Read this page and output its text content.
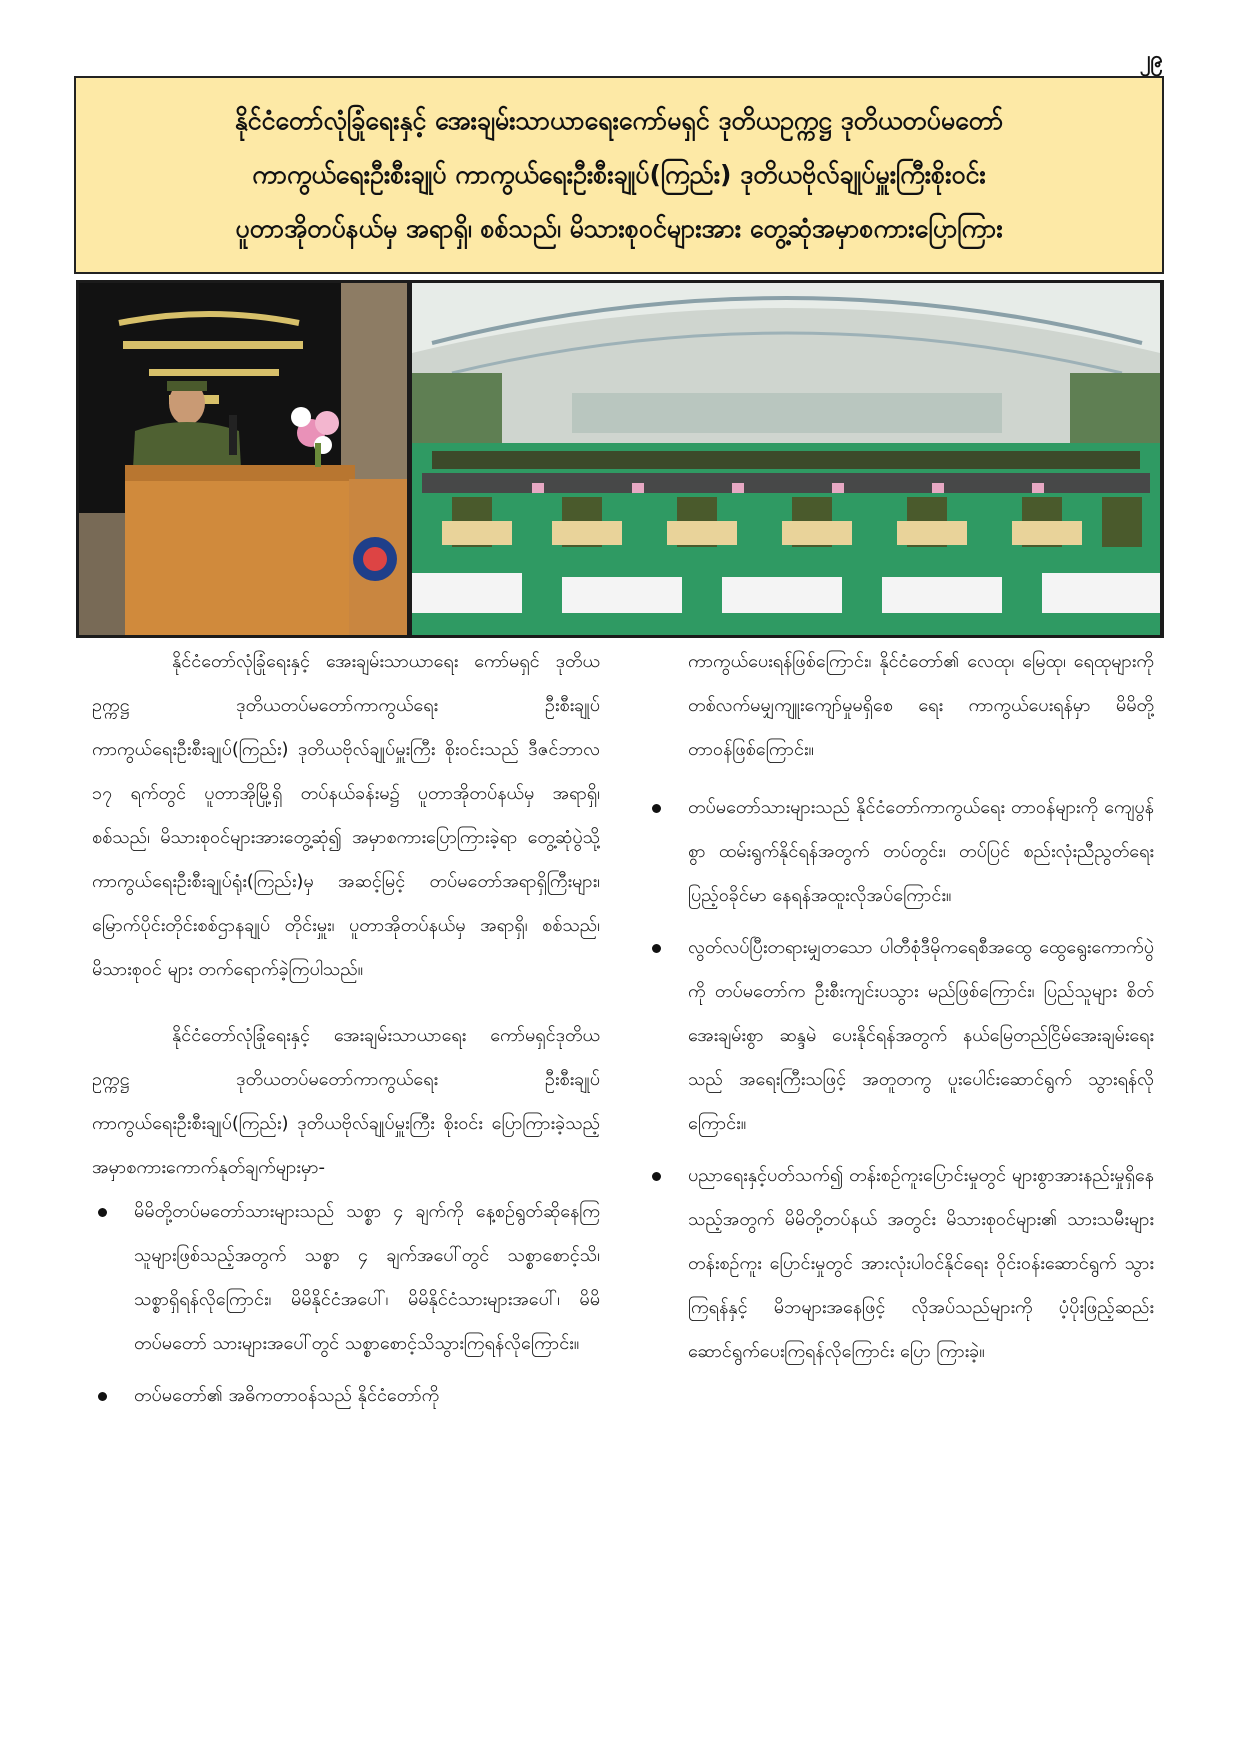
၂၉
နိုင်ငံတော်လုံခြုံရေးနှင့် အေးချမ်းသာယာရေးကော်မရှင် ဒုတိယဥက္ကဋ္ဌ ဒုတိယတပ်မတော်
ကာကွယ်ရေးဦးစီးချုပ် ကာကွယ်ရေးဦးစီးချုပ်(ကြည်း) ဒုတိယဗိုလ်ချုပ်မှူးကြီးစိုးဝင်း
ပူတာအိုတပ်နယ်မှ အရာရှိ၊ စစ်သည်၊ မိသားစုဝင်များအား တွေ့ဆုံအမှာစကားပြောကြား

နိုင်ငံတော်လုံခြုံရေးနှင့် အေးချမ်းသာယာရေး ကော်မရှင် ဒုတိယဥက္ကဋ္ဌ ဒုတိယတပ်မတော်ကာကွယ်ရေး ဦးစီးချုပ် ကာကွယ်ရေးဦးစီးချုပ်(ကြည်း) ဒုတိယဗိုလ်ချုပ်မှူးကြီး စိုးဝင်းသည် ဒီဇင်ဘာလ ၁၇ ရက်တွင် ပူတာအိုမြို့ရှိ တပ်နယ်ခန်းမ၌ ပူတာအိုတပ်နယ်မှ အရာရှိ၊ စစ်သည်၊ မိသားစုဝင်များအားတွေ့ဆုံ၍ အမှာစကားပြောကြားခဲ့ရာ တွေ့ဆုံပွဲသို့ ကာကွယ်ရေးဦးစီးချုပ်ရုံး(ကြည်း)မှ အဆင့်မြင့် တပ်မတော်အရာရှိကြီးများ၊ မြောက်ပိုင်းတိုင်းစစ်ဌာနချုပ် တိုင်းမှူး၊ ပူတာအိုတပ်နယ်မှ အရာရှိ၊ စစ်သည်၊ မိသားစုဝင် များ တက်ရောက်ခဲ့ကြပါသည်။

နိုင်ငံတော်လုံခြုံရေးနှင့် အေးချမ်းသာယာရေး ကော်မရှင်ဒုတိယဥက္ကဋ္ဌ ဒုတိယတပ်မတော်ကာကွယ်ရေး ဦးစီးချုပ် ကာကွယ်ရေးဦးစီးချုပ်(ကြည်း) ဒုတိယဗိုလ်ချုပ်မှူးကြီး စိုးဝင်း ပြောကြားခဲ့သည့် အမှာစကားကောက်နုတ်ချက်များမှာ-

မိမိတို့တပ်မတော်သားများသည် သစ္စာ ၄ ချက်ကို နေ့စဉ်ရွတ်ဆိုနေကြသူများဖြစ်သည့်အတွက် သစ္စာ ၄ ချက်အပေါ်တွင် သစ္စာစောင့်သိ၊ သစ္စာရှိရန်လိုကြောင်း၊ မိမိနိုင်ငံအပေါ်၊ မိမိနိုင်ငံသားများအပေါ်၊ မိမိတပ်မတော် သားများအပေါ်တွင် သစ္စာစောင့်သိသွားကြရန်လိုကြောင်း။
တပ်မတော်၏ အဓိကတာဝန်သည် နိုင်ငံတော်ကို

ကာကွယ်ပေးရန်ဖြစ်ကြောင်း၊ နိုင်ငံတော်၏ လေထု၊ မြေထု၊ ရေထုများကို တစ်လက်မမျှကျူးကျော်မှုမရှိစေ ရေး ကာကွယ်ပေးရန်မှာ မိမိတို့တာဝန်ဖြစ်ကြောင်း။

တပ်မတော်သားများသည် နိုင်ငံတော်ကာကွယ်ရေး တာဝန်များကို ကျေပွန်စွာ ထမ်းရွက်နိုင်ရန်အတွက် တပ်တွင်း၊ တပ်ပြင် စည်းလုံးညီညွတ်ရေး ပြည့်ဝခိုင်မာ နေရန်အထူးလိုအပ်ကြောင်း။
လွတ်လပ်ပြီးတရားမျှတသော ပါတီစုံဒီမိုကရေစီအထွေ ထွေရွေးကောက်ပွဲကို တပ်မတော်က ဦးစီးကျင်းပသွား မည်ဖြစ်ကြောင်း၊ ပြည်သူများ စိတ်အေးချမ်းစွာ ဆန္ဒမဲ ပေးနိုင်ရန်အတွက် နယ်မြေတည်ငြိမ်အေးချမ်းရေးသည် အရေးကြီးသဖြင့် အတူတကွ ပူးပေါင်းဆောင်ရွက် သွားရန်လိုကြောင်း။
ပညာရေးနှင့်ပတ်သက်၍ တန်းစဉ်ကူးပြောင်းမှုတွင် များစွာအားနည်းမှုရှိနေသည့်အတွက် မိမိတို့တပ်နယ် အတွင်း မိသားစုဝင်များ၏ သားသမီးများ တန်းစဉ်ကူး ပြောင်းမှုတွင် အားလုံးပါဝင်နိုင်ရေး ဝိုင်းဝန်းဆောင်ရွက် သွားကြရန်နှင့် မိဘများအနေဖြင့် လိုအပ်သည်များကို ပံ့ပိုးဖြည့်ဆည်းဆောင်ရွက်ပေးကြရန်လိုကြောင်း ပြော ကြားခဲ့။
